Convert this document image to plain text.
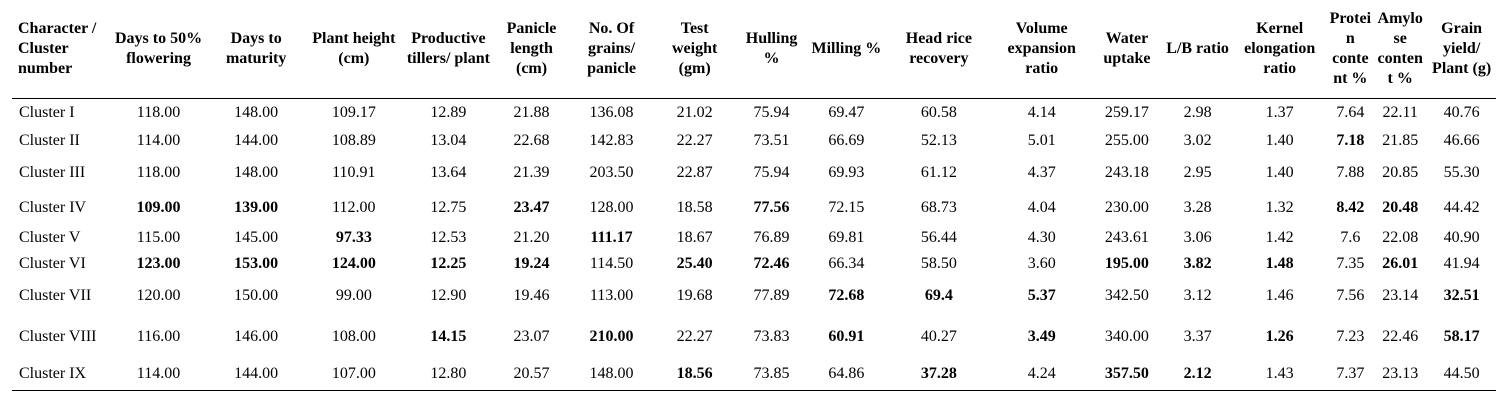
Character / Cluster number	Days to 50% flowering	Days to maturity	Plant height (cm)	Productive tillers/ plant	Panicle length (cm)	No. Of grains/ panicle	Test weight (gm)	Hulling %	Milling %	Head rice recovery	Volume expansion ratio	Water uptake	L/B ratio	Kernel elongation ratio	Protein content %	Amylose content %	Grain yield/ Plant (g)
Cluster I	118.00	148.00	109.17	12.89	21.88	136.08	21.02	75.94	69.47	60.58	4.14	259.17	2.98	1.37	7.64	22.11	40.76
Cluster II	114.00	144.00	108.89	13.04	22.68	142.83	22.27	73.51	66.69	52.13	5.01	255.00	3.02	1.40	7.18	21.85	46.66
Cluster III	118.00	148.00	110.91	13.64	21.39	203.50	22.87	75.94	69.93	61.12	4.37	243.18	2.95	1.40	7.88	20.85	55.30
Cluster IV	109.00	139.00	112.00	12.75	23.47	128.00	18.58	77.56	72.15	68.73	4.04	230.00	3.28	1.32	8.42	20.48	44.42
Cluster V	115.00	145.00	97.33	12.53	21.20	111.17	18.67	76.89	69.81	56.44	4.30	243.61	3.06	1.42	7.6	22.08	40.90
Cluster VI	123.00	153.00	124.00	12.25	19.24	114.50	25.40	72.46	66.34	58.50	3.60	195.00	3.82	1.48	7.35	26.01	41.94
Cluster VII	120.00	150.00	99.00	12.90	19.46	113.00	19.68	77.89	72.68	69.4	5.37	342.50	3.12	1.46	7.56	23.14	32.51
Cluster VIII	116.00	146.00	108.00	14.15	23.07	210.00	22.27	73.83	60.91	40.27	3.49	340.00	3.37	1.26	7.23	22.46	58.17
Cluster IX	114.00	144.00	107.00	12.80	20.57	148.00	18.56	73.85	64.86	37.28	4.24	357.50	2.12	1.43	7.37	23.13	44.50
